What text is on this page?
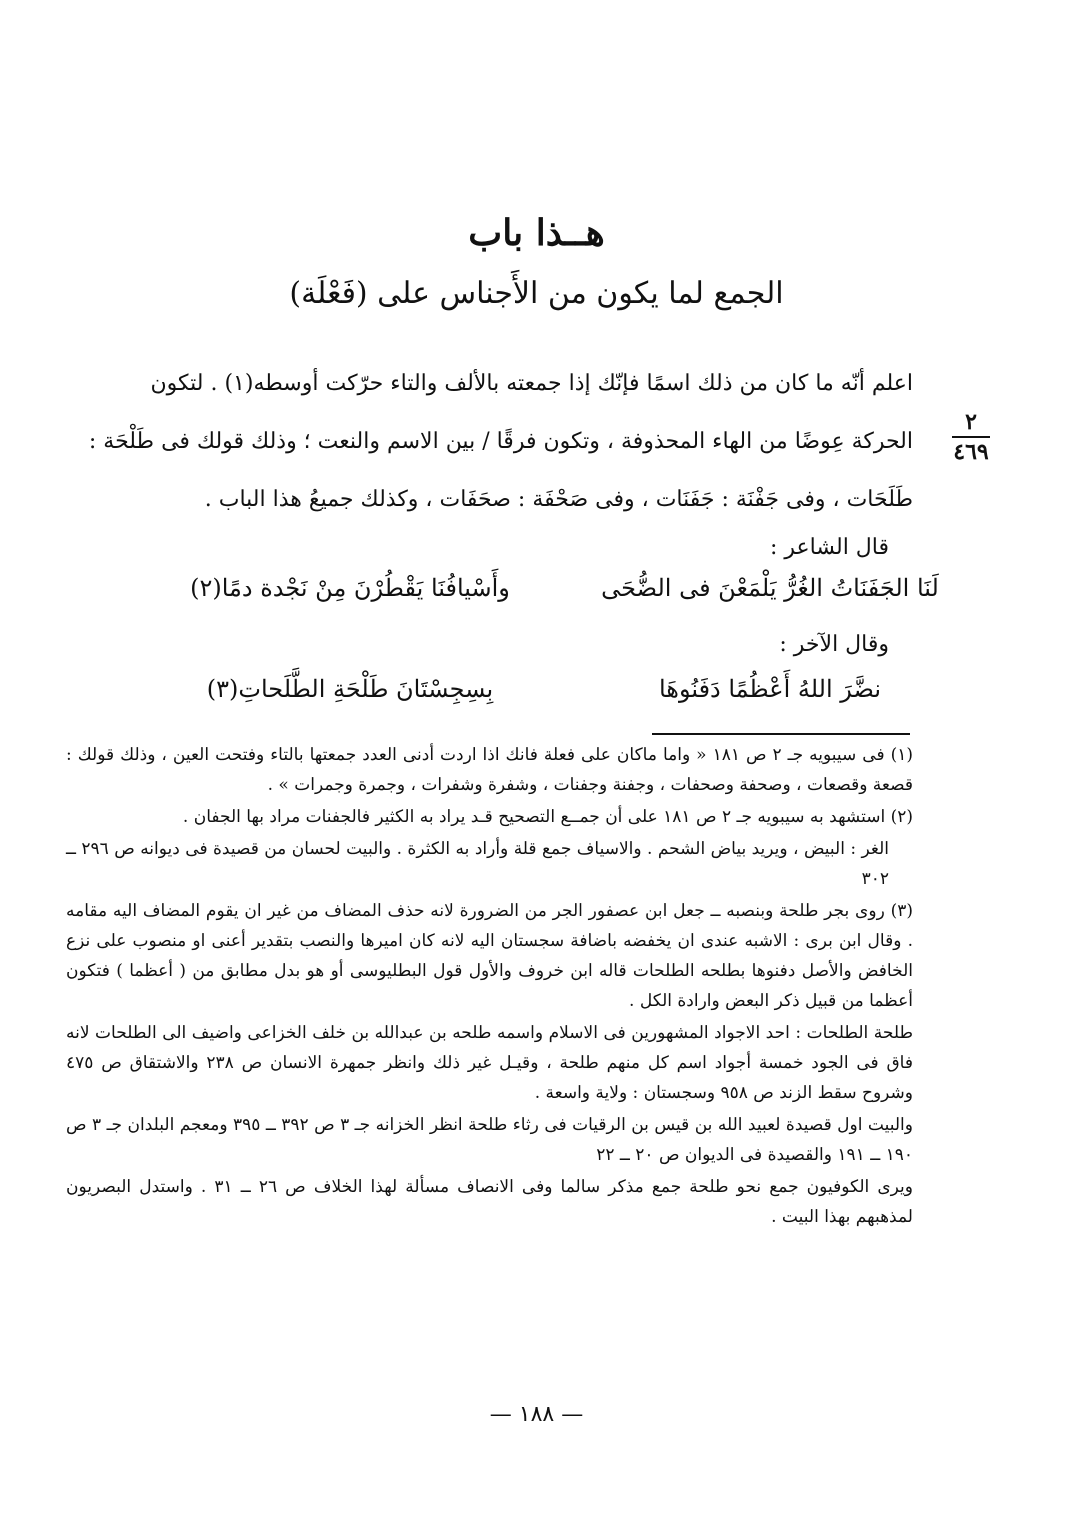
هــذا باب
الجمع لما يكون من الأَجناس على (فَعْلَة)
٢
٤٦٩
اعلم أنّه ما كان من ذلك اسمًا فإنّك إذا جمعته بالألف والتاء حرّكت أوسطه(١) . لتكون
الحركة عِوضًا من الهاء المحذوفة ، وتكون فرقًا / بين الاسم والنعت ؛ وذلك قولك فى طَلْحَة :
طَلَحَات ، وفى جَفْنَة : جَفَنَات ، وفى صَحْفَة : صحَفَات ، وكذلك جميعُ هذا الباب .
قال الشاعر :
لَنَا الجَفَنَاتُ الغُرُّ يَلْمَعْنَ فى الضُّحَىوأَسْيافُنَا يَقْطُرْنَ مِنْ نَجْدة دمًا(٢)
وقال الآخر :
نضَّرَ اللهُ أَعْظُمًا دَفَنُوهَابِسِجِسْتَانَ طَلْحَةِ الطَّلَحاتِ(٣)

(١) فى سيبويه جـ ٢ ص ١٨١ « واما ماكان على فعلة فانك اذا اردت أدنى العدد جمعتها بالتاء وفتحت العين ، وذلك قولك : قصعة وقصعات ، وصحفة وصحفات ، وجفنة وجفنات ، وشفرة وشفرات ، وجمرة وجمرات » .

(٢) استشهد به سيبويه جـ ٢ ص ١٨١ على أن جمــع التصحيح قـد يراد به الكثير فالجفنات مراد بها الجفان .

الغر : البيض ، ويريد بياض الشحم . والاسياف جمع قلة وأراد به الكثرة . والبيت لحسان من قصيدة فى ديوانه ص ٢٩٦ ــ ٣٠٢

(٣) روى بجر طلحة وبنصبه ــ جعل ابن عصفور الجر من الضرورة لانه حذف المضاف من غير ان يقوم المضاف اليه مقامه . وقال ابن برى : الاشبه عندى ان يخفضه باضافة سجستان اليه لانه كان اميرها والنصب بتقدير أعنى او منصوب على نزع الخافض والأصل دفنوها بطلحه الطلحات قاله ابن خروف والأول قول البطليوسى أو هو بدل مطابق من ( أعظما ) فتكون أعظما من قبيل ذكر البعض وارادة الكل .

طلحة الطلحات : احد الاجواد المشهورين فى الاسلام واسمه طلحه بن عبدالله بن خلف الخزاعى واضيف الى الطلحات لانه فاق فى الجود خمسة أجواد اسم كل منهم طلحة ، وقيـل غير ذلك وانظر جمهرة الانسان ص ٢٣٨ والاشتقاق ص ٤٧٥ وشروح سقط الزند ص ٩٥٨ وسجستان : ولاية واسعة .

والبيت اول قصيدة لعبيد الله بن قيس بن الرقيات فى رثاء طلحة انظر الخزانه جـ ٣ ص ٣٩٢ ــ ٣٩٥ ومعجم البلدان جـ ٣ ص ١٩٠ ــ ١٩١ والقصيدة فى الديوان ص ٢٠ ــ ٢٢

ويرى الكوفيون جمع نحو طلحة جمع مذكر سالما وفى الانصاف مسألة لهذا الخلاف ص ٢٦ ــ ٣١ . واستدل البصريون لمذهبهم بهذا البيت .

— ١٨٨ —
